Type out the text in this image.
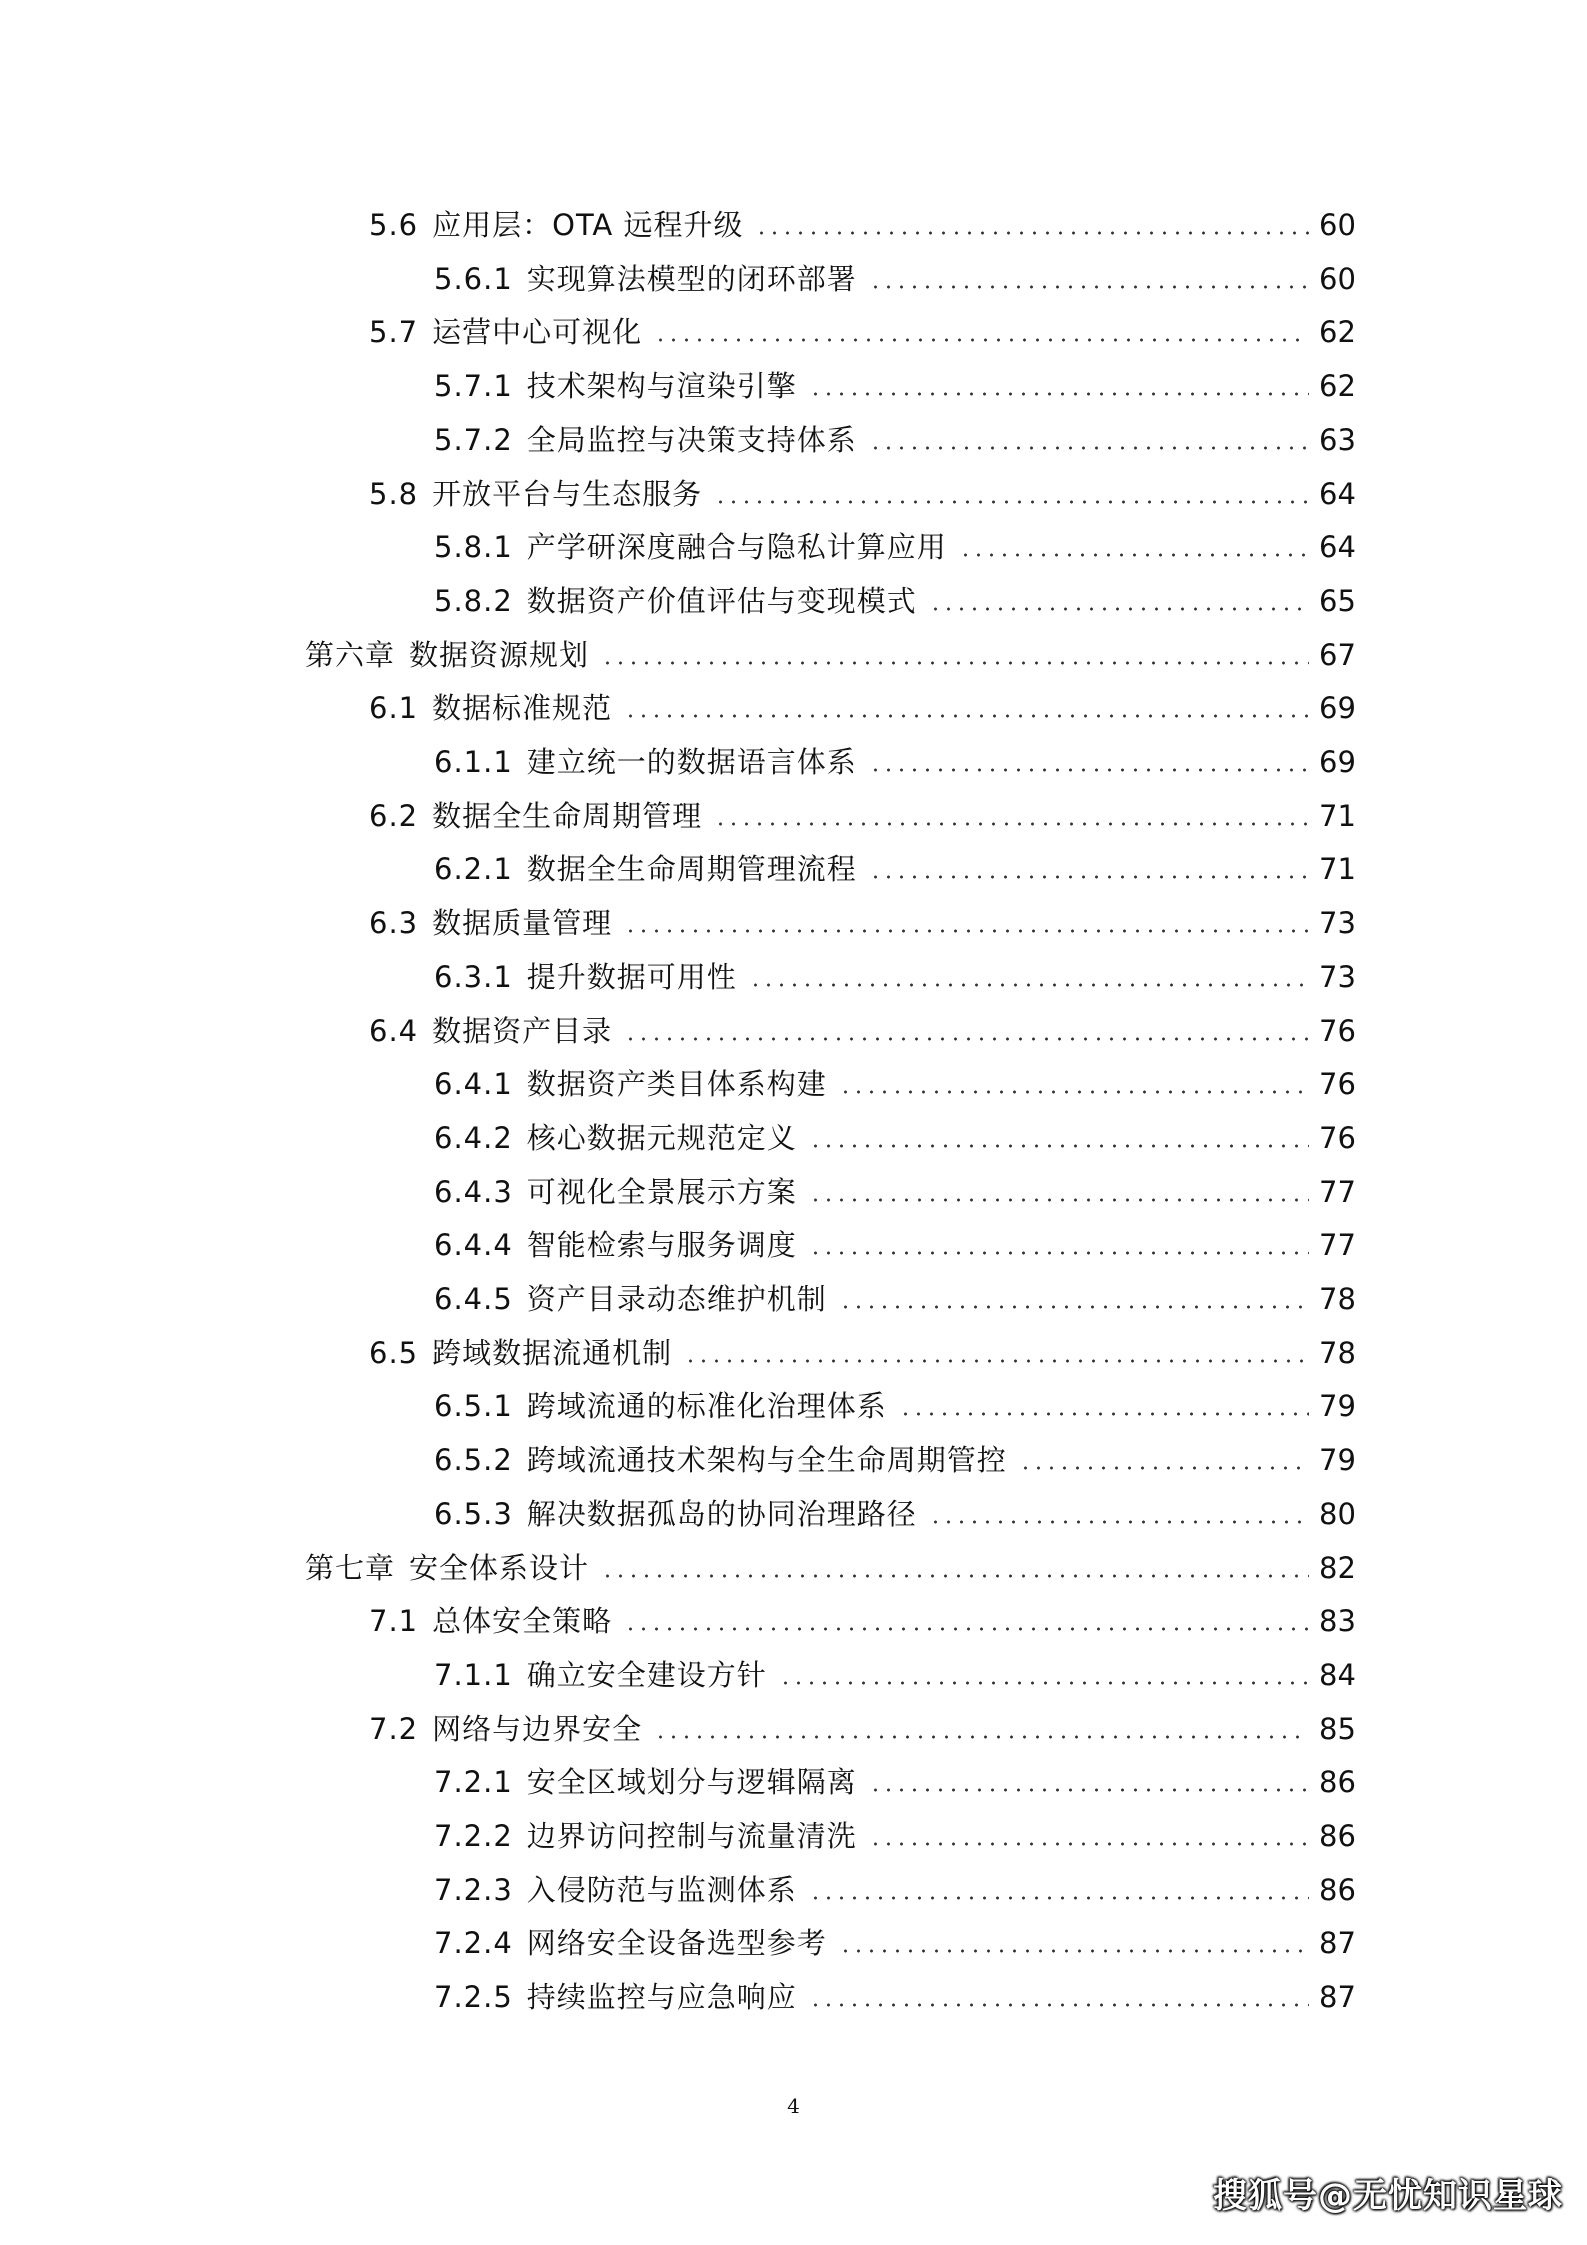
5.6 应用层：OTA 远程升级	60
5.6.1 实现算法模型的闭环部署	60
5.7 运营中心可视化	62
5.7.1 技术架构与渲染引擎	62
5.7.2 全局监控与决策支持体系	63
5.8 开放平台与生态服务	64
5.8.1 产学研深度融合与隐私计算应用	64
5.8.2 数据资产价值评估与变现模式	65
第六章 数据资源规划	67
6.1 数据标准规范	69
6.1.1 建立统一的数据语言体系	69
6.2 数据全生命周期管理	71
6.2.1 数据全生命周期管理流程	71
6.3 数据质量管理	73
6.3.1 提升数据可用性	73
6.4 数据资产目录	76
6.4.1 数据资产类目体系构建	76
6.4.2 核心数据元规范定义	76
6.4.3 可视化全景展示方案	77
6.4.4 智能检索与服务调度	77
6.4.5 资产目录动态维护机制	78
6.5 跨域数据流通机制	78
6.5.1 跨域流通的标准化治理体系	79
6.5.2 跨域流通技术架构与全生命周期管控	79
6.5.3 解决数据孤岛的协同治理路径	80
第七章 安全体系设计	82
7.1 总体安全策略	83
7.1.1 确立安全建设方针	84
7.2 网络与边界安全	85
7.2.1 安全区域划分与逻辑隔离	86
7.2.2 边界访问控制与流量清洗	86
7.2.3 入侵防范与监测体系	86
7.2.4 网络安全设备选型参考	87
7.2.5 持续监控与应急响应	87
4
搜狐号@无忧知识星球
